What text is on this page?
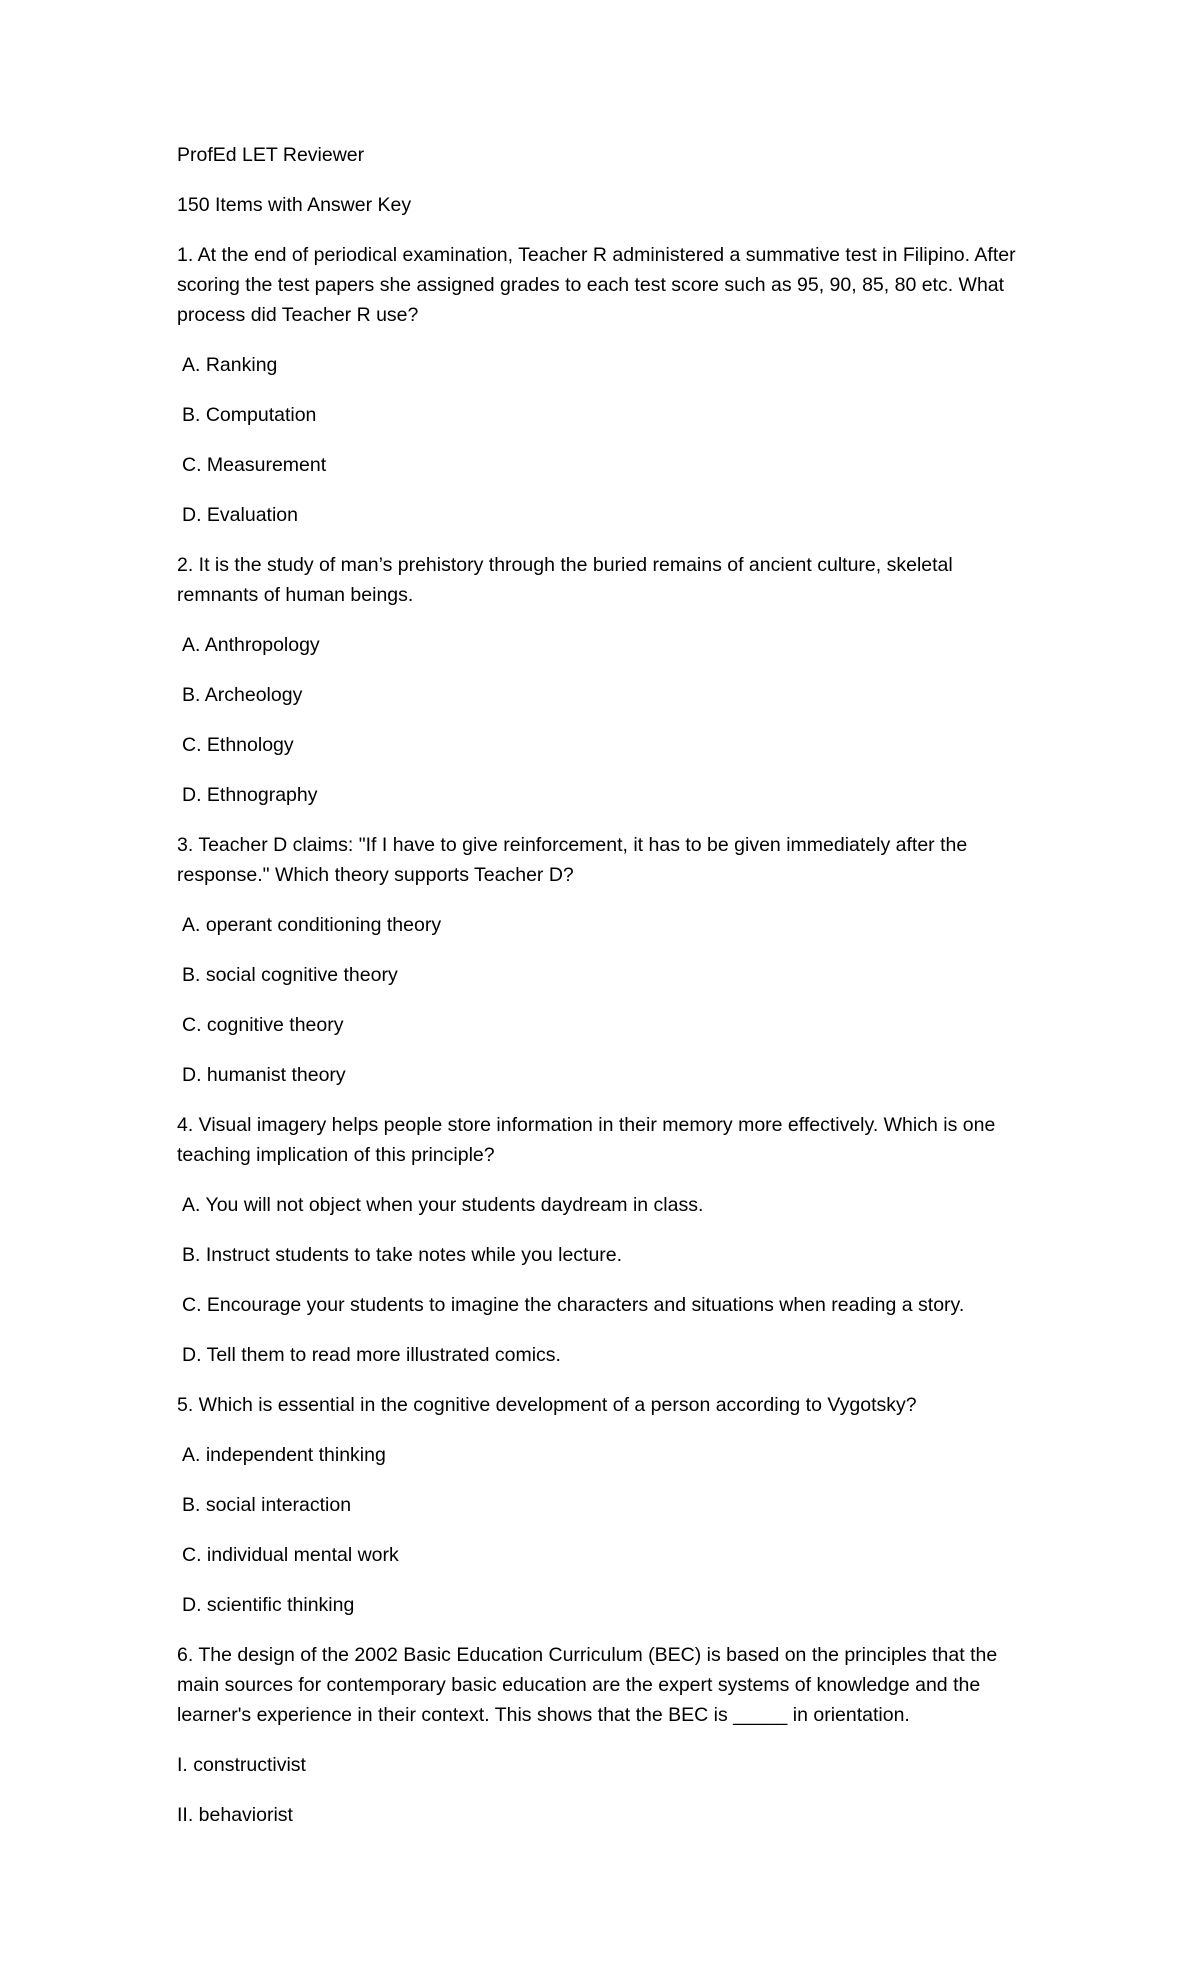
ProfEd LET Reviewer

150 Items with Answer Key

1. At the end of periodical examination, Teacher R administered a summative test in Filipino. After scoring the test papers she assigned grades to each test score such as 95, 90, 85, 80 etc. What process did Teacher R use?

A. Ranking

B. Computation

C. Measurement

D. Evaluation

2. It is the study of man’s prehistory through the buried remains of ancient culture, skeletal remnants of human beings.

A. Anthropology

B. Archeology

C. Ethnology

D. Ethnography

3. Teacher D claims: "If I have to give reinforcement, it has to be given immediately after the response." Which theory supports Teacher D?

A. operant conditioning theory

B. social cognitive theory

C. cognitive theory

D. humanist theory

4. Visual imagery helps people store information in their memory more effectively. Which is one teaching implication of this principle?

A. You will not object when your students daydream in class.

B. Instruct students to take notes while you lecture.

C. Encourage your students to imagine the characters and situations when reading a story.

D. Tell them to read more illustrated comics.

5. Which is essential in the cognitive development of a person according to Vygotsky?

A. independent thinking

B. social interaction

C. individual mental work

D. scientific thinking

6. The design of the 2002 Basic Education Curriculum (BEC) is based on the principles that the main sources for contemporary basic education are the expert systems of knowledge and the learner's experience in their context. This shows that the BEC is _____ in orientation.

I. constructivist

II. behaviorist
